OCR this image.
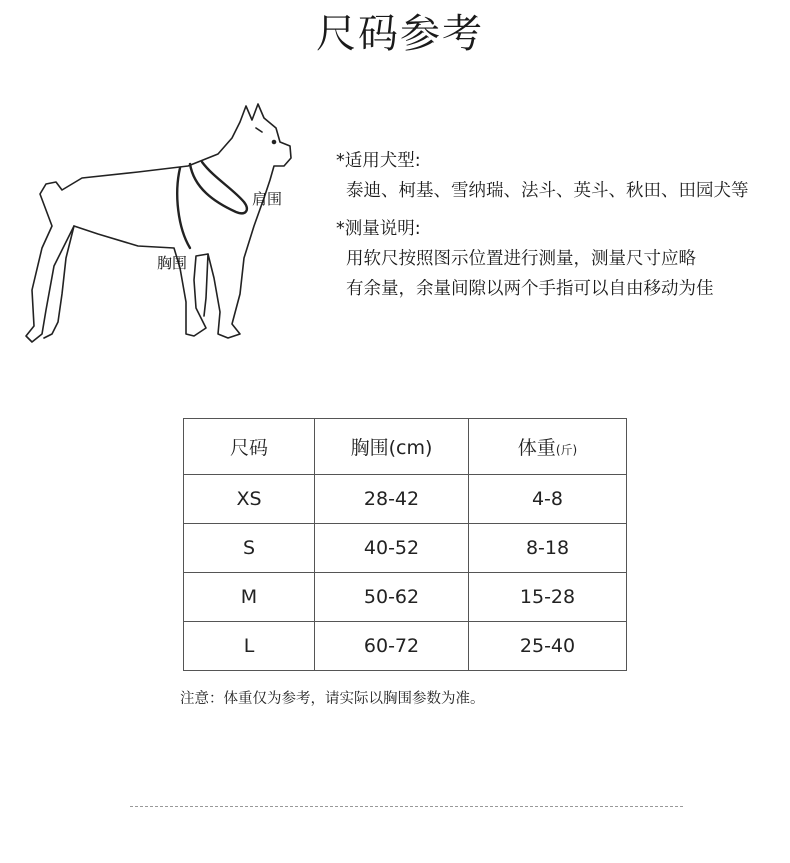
尺码参考
肩围
胸围
*适用犬型:
泰迪、柯基、雪纳瑞、法斗、英斗、秋田、田园犬等
*测量说明:
用软尺按照图示位置进行测量，测量尺寸应略
有余量，余量间隙以两个手指可以自由移动为佳
尺码	胸围(cm)	体重(斤)
XS	28-42	4-8
S	40-52	8-18
M	50-62	15-28
L	60-72	25-40
注意：体重仅为参考，请实际以胸围参数为准。
